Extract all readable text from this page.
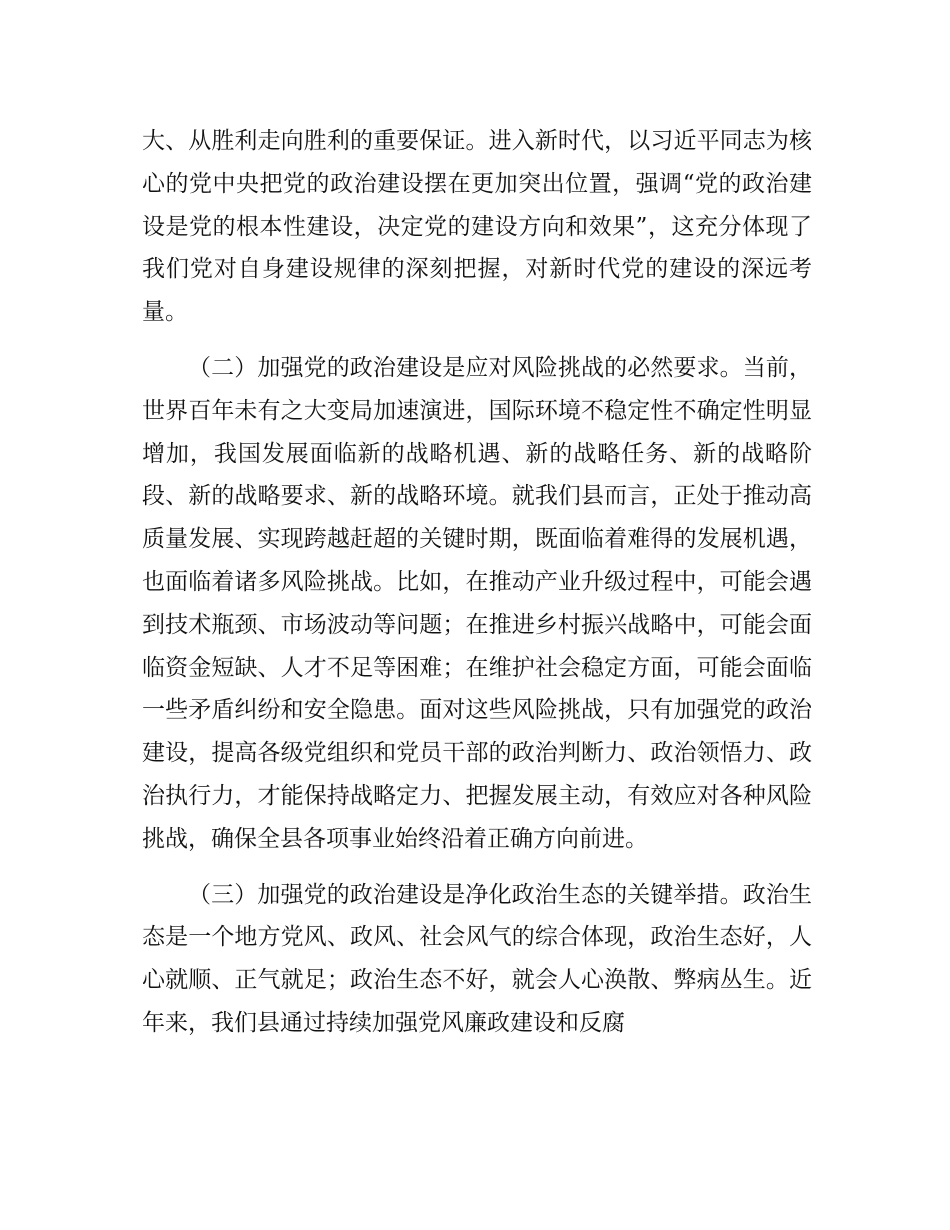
大、从胜利走向胜利的重要保证。进入新时代，以习近平同志为核心的党中央把党的政治建设摆在更加突出位置，强调“党的政治建设是党的根本性建设，决定党的建设方向和效果”，这充分体现了我们党对自身建设规律的深刻把握，对新时代党的建设的深远考量。

（二）加强党的政治建设是应对风险挑战的必然要求。当前，世界百年未有之大变局加速演进，国际环境不稳定性不确定性明显增加，我国发展面临新的战略机遇、新的战略任务、新的战略阶段、新的战略要求、新的战略环境。就我们县而言，正处于推动高质量发展、实现跨越赶超的关键时期，既面临着难得的发展机遇，也面临着诸多风险挑战。比如，在推动产业升级过程中，可能会遇到技术瓶颈、市场波动等问题；在推进乡村振兴战略中，可能会面临资金短缺、人才不足等困难；在维护社会稳定方面，可能会面临一些矛盾纠纷和安全隐患。面对这些风险挑战，只有加强党的政治建设，提高各级党组织和党员干部的政治判断力、政治领悟力、政治执行力，才能保持战略定力、把握发展主动，有效应对各种风险挑战，确保全县各项事业始终沿着正确方向前进。

（三）加强党的政治建设是净化政治生态的关键举措。政治生态是一个地方党风、政风、社会风气的综合体现，政治生态好，人心就顺、正气就足；政治生态不好，就会人心涣散、弊病丛生。近年来，我们县通过持续加强党风廉政建设和反腐
